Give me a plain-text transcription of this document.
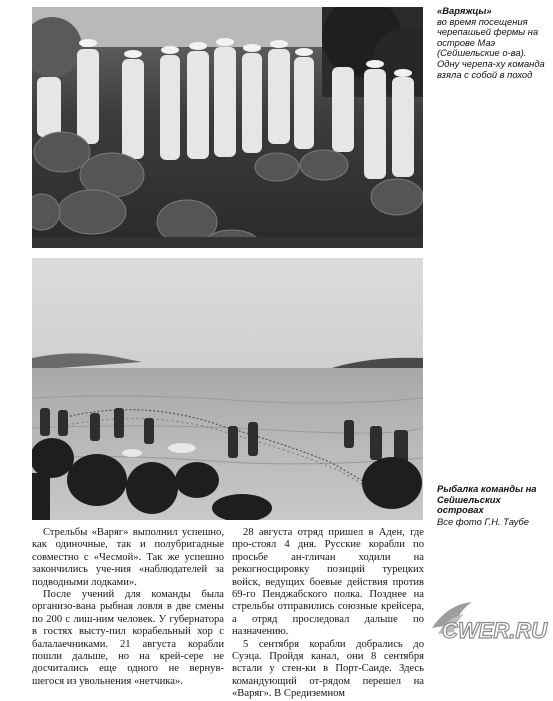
«Варяжцы»
во время посещения черепашьей фермы на острове Маэ (Сейшельские о-ва). Одну черепа-ху команда взяла с собой в поход
Рыбалка команды на Сейшельских островах
Все фото Г.Н. Таубе

Стрельбы «Варяг» выполнил успешно, как одиночные, так и полубригадные совместно с «Чесмой». Так же успешно закончились уче-ния «наблюдателей за подводными лодками».

После учений для команды была организо-вана рыбная ловля в две смены по 200 с лиш-ним человек. У губернатора в гостях высту-пил корабельный хор с балалаечниками. 21 августа корабли пошли дальше, но на крей-сере не досчитались еще одного не вернув-шегося из увольнения «нетчика».

28 августа отряд пришел в Аден, где про-стоял 4 дня. Русские корабли по просьбе ан-гличан ходили на рекогносцировку позиций турецких войск, ведущих боевые действия против 69-го Пенджабского полка. Позднее на стрельбы отправились союзные крейсера, а отряд проследовал дальше по назначению.

5 сентября корабли добрались до Суэца. Пройдя канал, они 8 сентября встали у стен-ки в Порт-Саиде. Здесь командующий от-рядом перешел на «Варяг». В Средиземном

CWER.RU
